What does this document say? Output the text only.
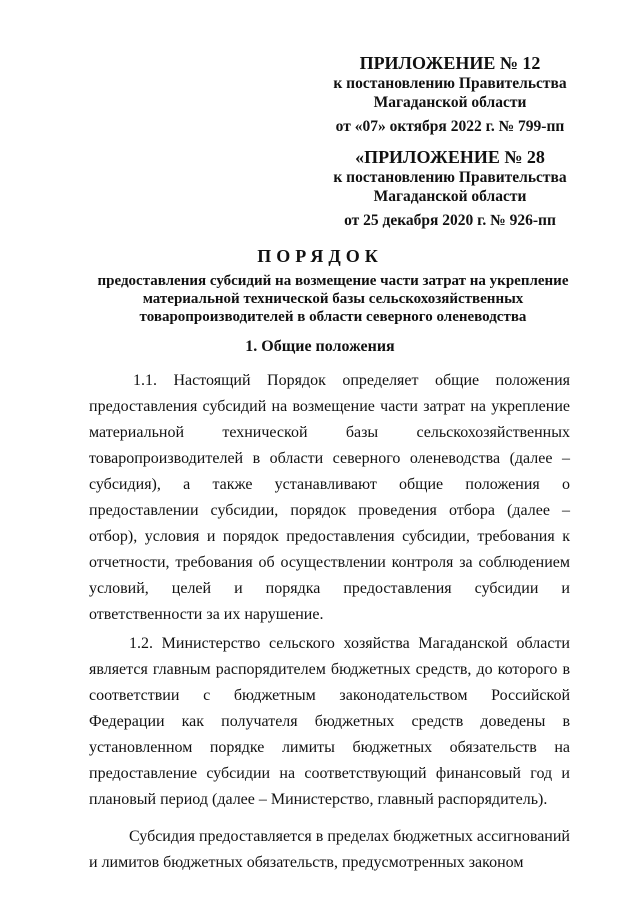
ПРИЛОЖЕНИЕ № 12
к постановлению Правительства
Магаданской области
от «07» октября 2022 г. № 799-пп
«ПРИЛОЖЕНИЕ № 28
к постановлению Правительства
Магаданской области
от 25 декабря 2020 г. № 926-пп
ПОРЯДОК
предоставления субсидий на возмещение части затрат на укрепление материальной технической базы сельскохозяйственных товаропроизводителей в области северного оленеводства
1. Общие положения

1.1. Настоящий Порядок определяет общие положения предоставления субсидий на возмещение части затрат на укрепление материальной технической базы сельскохозяйственных товаропроизводителей в области северного оленеводства (далее – субсидия), а также устанавливают общие положения о предоставлении субсидии, порядок проведения отбора (далее – отбор), условия и порядок предоставления субсидии, требования к отчетности, требования об осуществлении контроля за соблюдением условий, целей и порядка предоставления субсидии и ответственности за их нарушение.

1.2. Министерство сельского хозяйства Магаданской области является главным распорядителем бюджетных средств, до которого в соответствии с бюджетным законодательством Российской Федерации как получателя бюджетных средств доведены в установленном порядке лимиты бюджетных обязательств на предоставление субсидии на соответствующий финансовый год и плановый период (далее – Министерство, главный распорядитель).

Субсидия предоставляется в пределах бюджетных ассигнований и лимитов бюджетных обязательств, предусмотренных законом
